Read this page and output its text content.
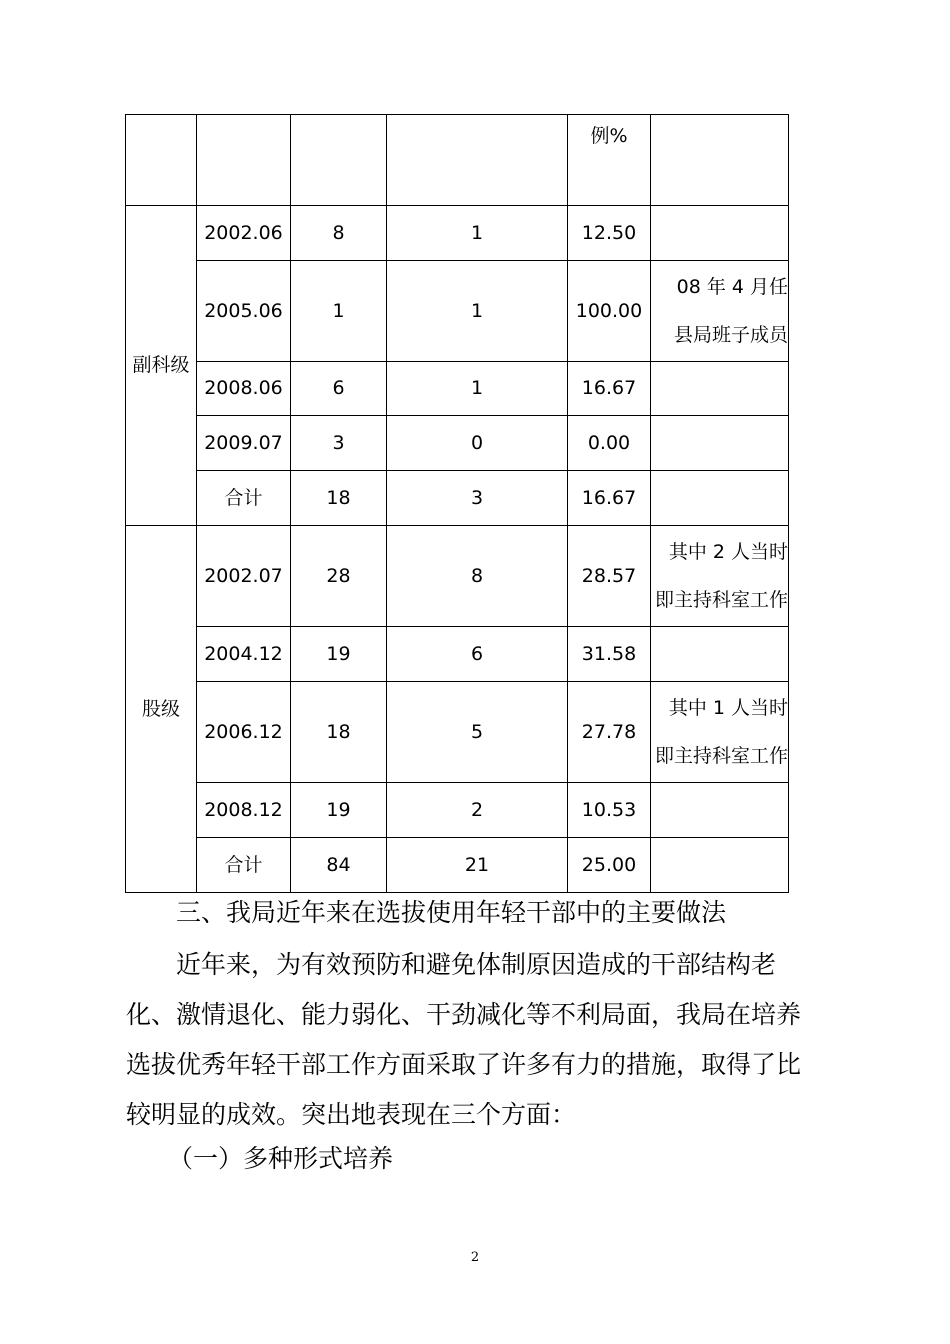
				例%	
副科级	2002.06	8	1	12.50	
	2005.06	1	1	100.00	08 年 4 月任
县局班子成员

	2008.06	6	1	16.67	
	2009.07	3	0	0.00	
	合计	18	3	16.67	
股级	2002.07	28	8	28.57	其中 2 人当时
即主持科室工作

	2004.12	19	6	31.58	
	2006.12	18	5	27.78	其中 1 人当时
即主持科室工作

	2008.12	19	2	10.53	
	合计	84	21	25.00	
三、我局近年来在选拔使用年轻干部中的主要做法
　　近年来，为有效预防和避免体制原因造成的干部结构老
化、激情退化、能力弱化、干劲减化等不利局面，我局在培养
选拔优秀年轻干部工作方面采取了许多有力的措施，取得了比
较明显的成效。突出地表现在三个方面：
（一）多种形式培养
2
